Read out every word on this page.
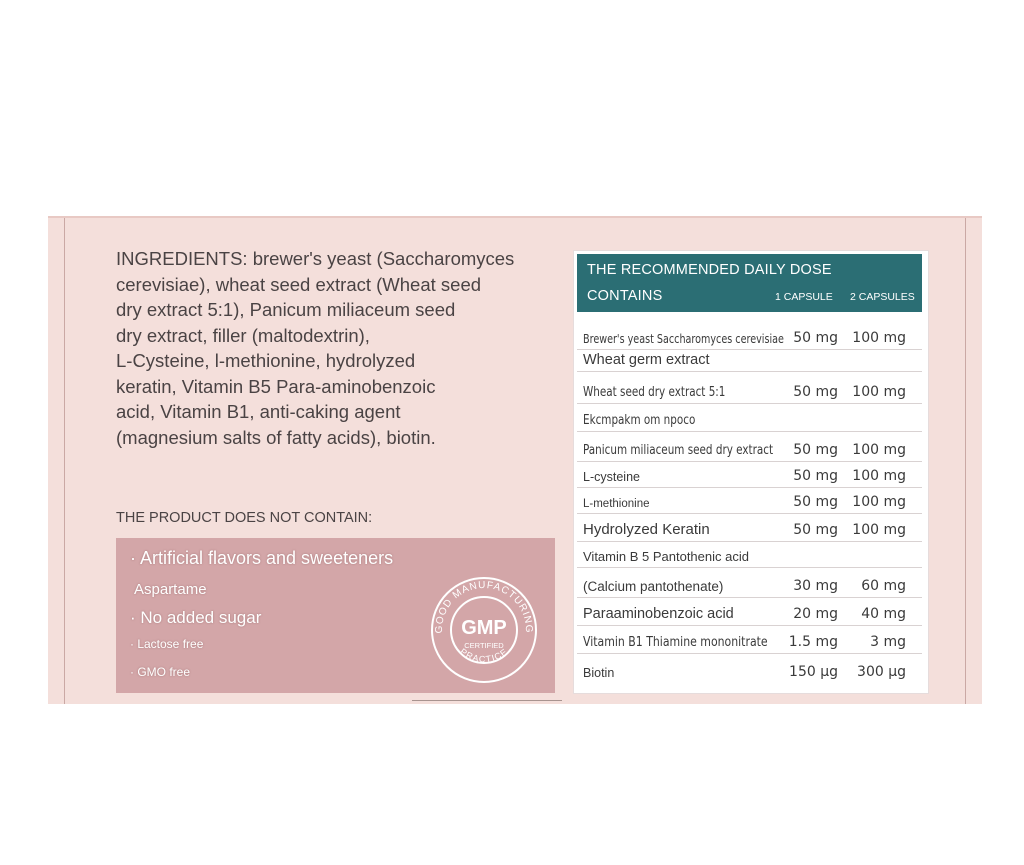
INGREDIENTS: brewer's yeast (Saccharomyces
cerevisiae), wheat seed extract (Wheat seed
dry extract 5:1), Panicum miliaceum seed
dry extract, filler (maltodextrin),
L-Cysteine, l-methionine, hydrolyzed
keratin, Vitamin B5 Para-aminobenzoic
acid, Vitamin B1, anti-caking agent
(magnesium salts of fatty acids), biotin.
THE PRODUCT DOES NOT CONTAIN:
· Artificial flavors and sweeteners
Aspartame
· No added sugar
· Lactose free
· GMO free
GOOD MANUFACTURING
PRACTICE
GMP
CERTIFIED
THE RECOMMENDED DAILY DOSE
CONTAINS	1 CAPSULE 2 CAPSULES
Brewer's yeast Saccharomyces cerevisiae 50 mg 100 mg
Wheat germ extract
Wheat seed dry extract 5:1	50 mg 100 mg
Ekcmpakm om npoco
Panicum miliaceum seed dry extract 50 mg 100 mg
L-cysteine	50 mg 100 mg
L-methionine	50 mg 100 mg
Hydrolyzed Keratin	50 mg 100 mg
Vitamin B 5 Pantothenic acid
(Calcium pantothenate)	30 mg 60 mg
Paraaminobenzoic acid	20 mg 40 mg
Vitamin B1 Thiamine mononitrate 1.5 mg 3 mg
Biotin	150 µg 300 µg
